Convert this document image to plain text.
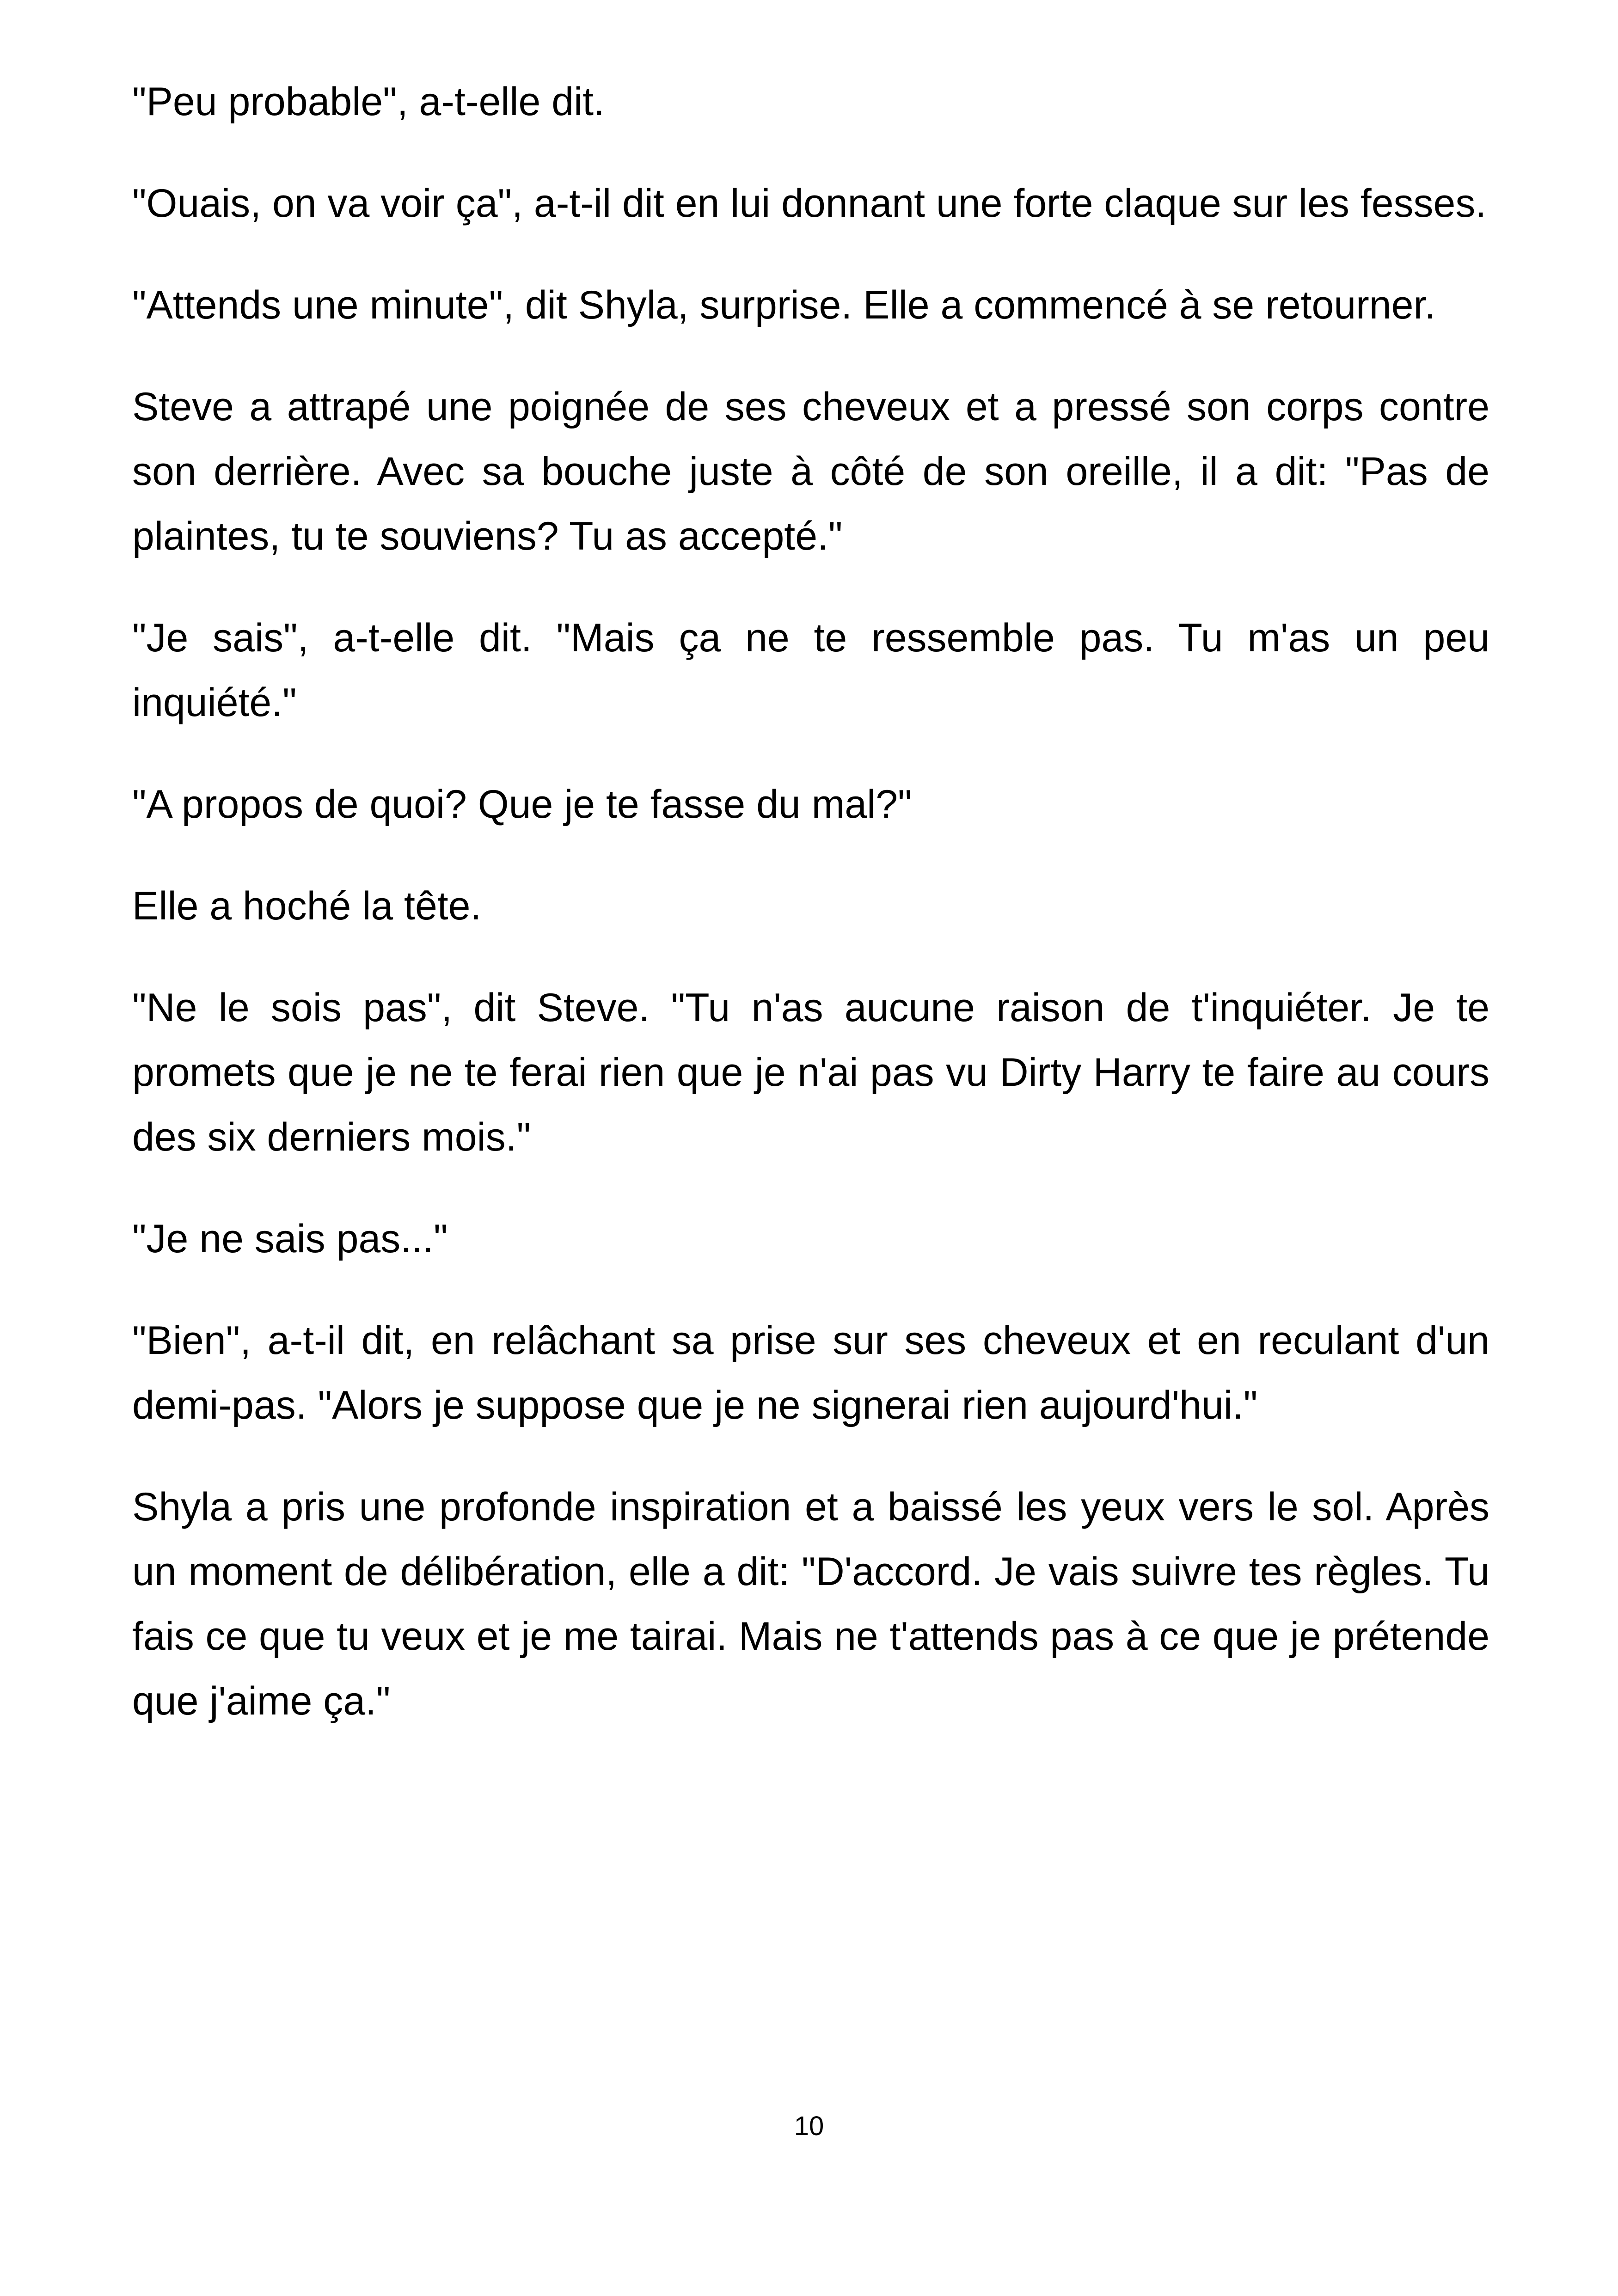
"Peu probable", a-t-elle dit.

"Ouais, on va voir ça", a-t-il dit en lui donnant une forte claque sur les fesses.

"Attends une minute", dit Shyla, surprise. Elle a commencé à se retourner.

Steve a attrapé une poignée de ses cheveux et a pressé son corps contre son derrière. Avec sa bouche juste à côté de son oreille, il a dit: "Pas de plaintes, tu te souviens? Tu as accepté."

"Je sais", a-t-elle dit. "Mais ça ne te ressemble pas. Tu m'as un peu inquiété."

"A propos de quoi? Que je te fasse du mal?"

Elle a hoché la tête.

"Ne le sois pas", dit Steve. "Tu n'as aucune raison de t'inquiéter. Je te promets que je ne te ferai rien que je n'ai pas vu Dirty Harry te faire au cours des six derniers mois."

"Je ne sais pas..."

"Bien", a-t-il dit, en relâchant sa prise sur ses cheveux et en reculant d'un demi-pas. "Alors je suppose que je ne signerai rien aujourd'hui."

Shyla a pris une profonde inspiration et a baissé les yeux vers le sol. Après un moment de délibération, elle a dit: "D'accord. Je vais suivre tes règles. Tu fais ce que tu veux et je me tairai. Mais ne t'attends pas à ce que je prétende que j'aime ça."

10
